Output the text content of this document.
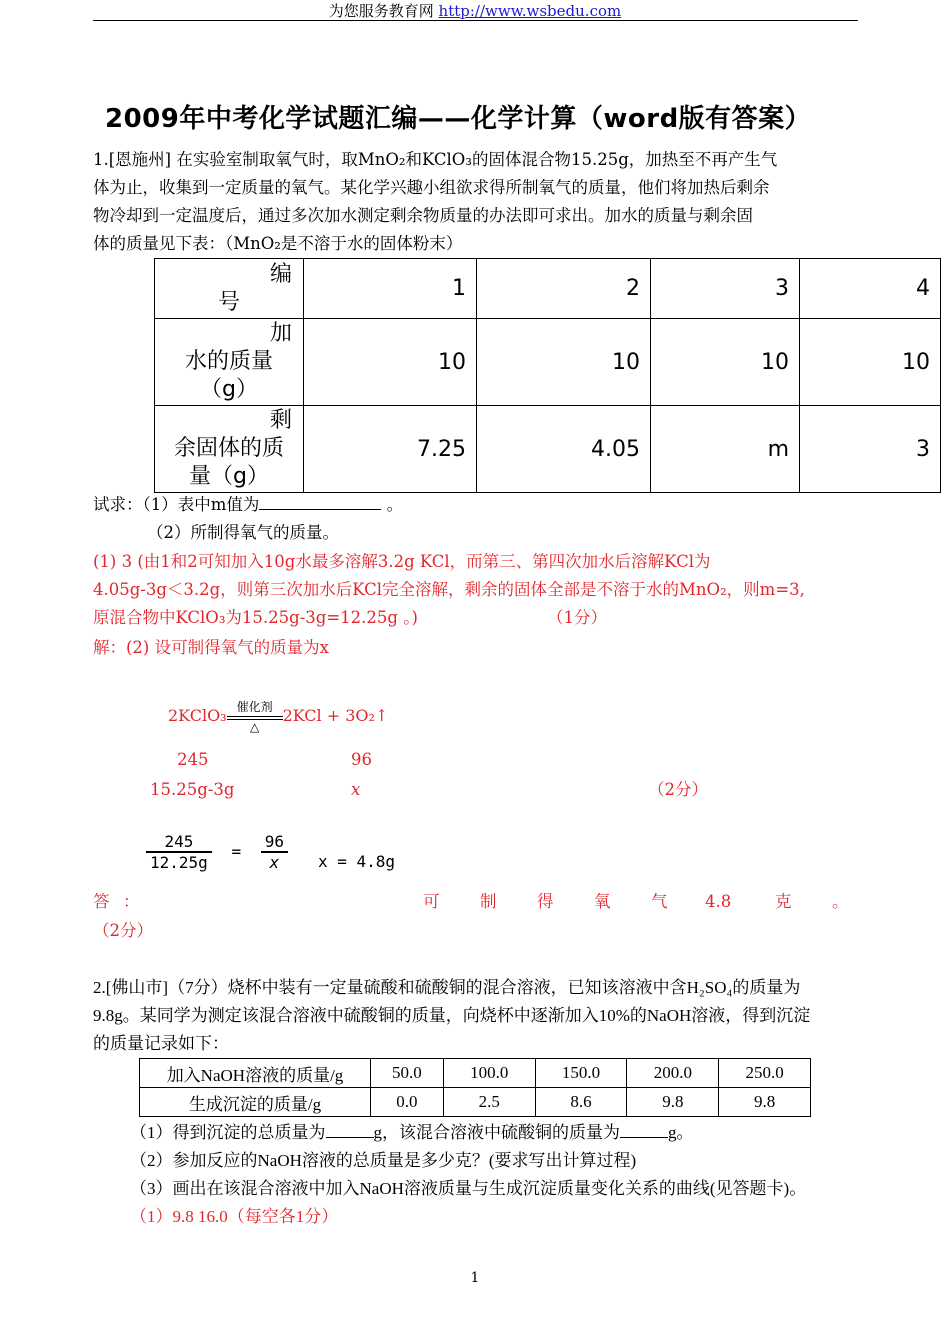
为您服务教育网 http://www.wsbedu.com
2009年中考化学试题汇编——化学计算（word版有答案）
1.[恩施州] 在实验室制取氧气时，取MnO₂和KClO₃的固体混合物15.25g，加热至不再产生气
体为止，收集到一定质量的氧气。某化学兴趣小组欲求得所制氧气的质量，他们将加热后剩余
物冷却到一定温度后，通过多次加水测定剩余物质量的办法即可求出。加水的质量与剩余固
体的质量见下表：（MnO₂是不溶于水的固体粉末）
编
号	1	2	3	4

加
水的质量
（g）	10	10	10	10

剩
余固体的质
量（g）	7.25	4.05	m	3
试求：（1）表中m值为	。
（2）所制得氧气的质量。
(1) 3 (由1和2可知加入10g水最多溶解3.2g KCl，而第三、第四次加水后溶解KCl为
4.05g-3g＜3.2g，则第三次加水后KCl完全溶解，剩余的固体全部是不溶于水的MnO₂，则m=3,
原混合物中KClO₃为15.25g-3g=12.25g 。)	（1分）
解：(2) 设可制得氧气的质量为x
2KClO₃ 催化剂
△
2KCl + 3O₂↑
245	96
15.25g-3g	x	（2分）
$\frac{245}{12.25g} = \frac{96}{x}$ x = 4.8g
答 ：	可	制	得	氧	气	4.8	克	。
（2分）
2.[佛山市]（7分）烧杯中装有一定量硫酸和硫酸铜的混合溶液，已知该溶液中含H₂SO₄的质量为
9.8g。某同学为测定该混合溶液中硫酸铜的质量，向烧杯中逐渐加入10%的NaOH溶液，得到沉淀
的质量记录如下：
加入NaOH溶液的质量/g	50.0	100.0	150.0	200.0	250.0
生成沉淀的质量/g	0.0	2.5	8.6	9.8	9.8
（1）得到沉淀的总质量为	g，该混合溶液中硫酸铜的质量为	g。
（2）参加反应的NaOH溶液的总质量是多少克？(要求写出计算过程)
（3）画出在该混合溶液中加入NaOH溶液质量与生成沉淀质量变化关系的曲线(见答题卡)。
（1）9.8 16.0（每空各1分）
1
